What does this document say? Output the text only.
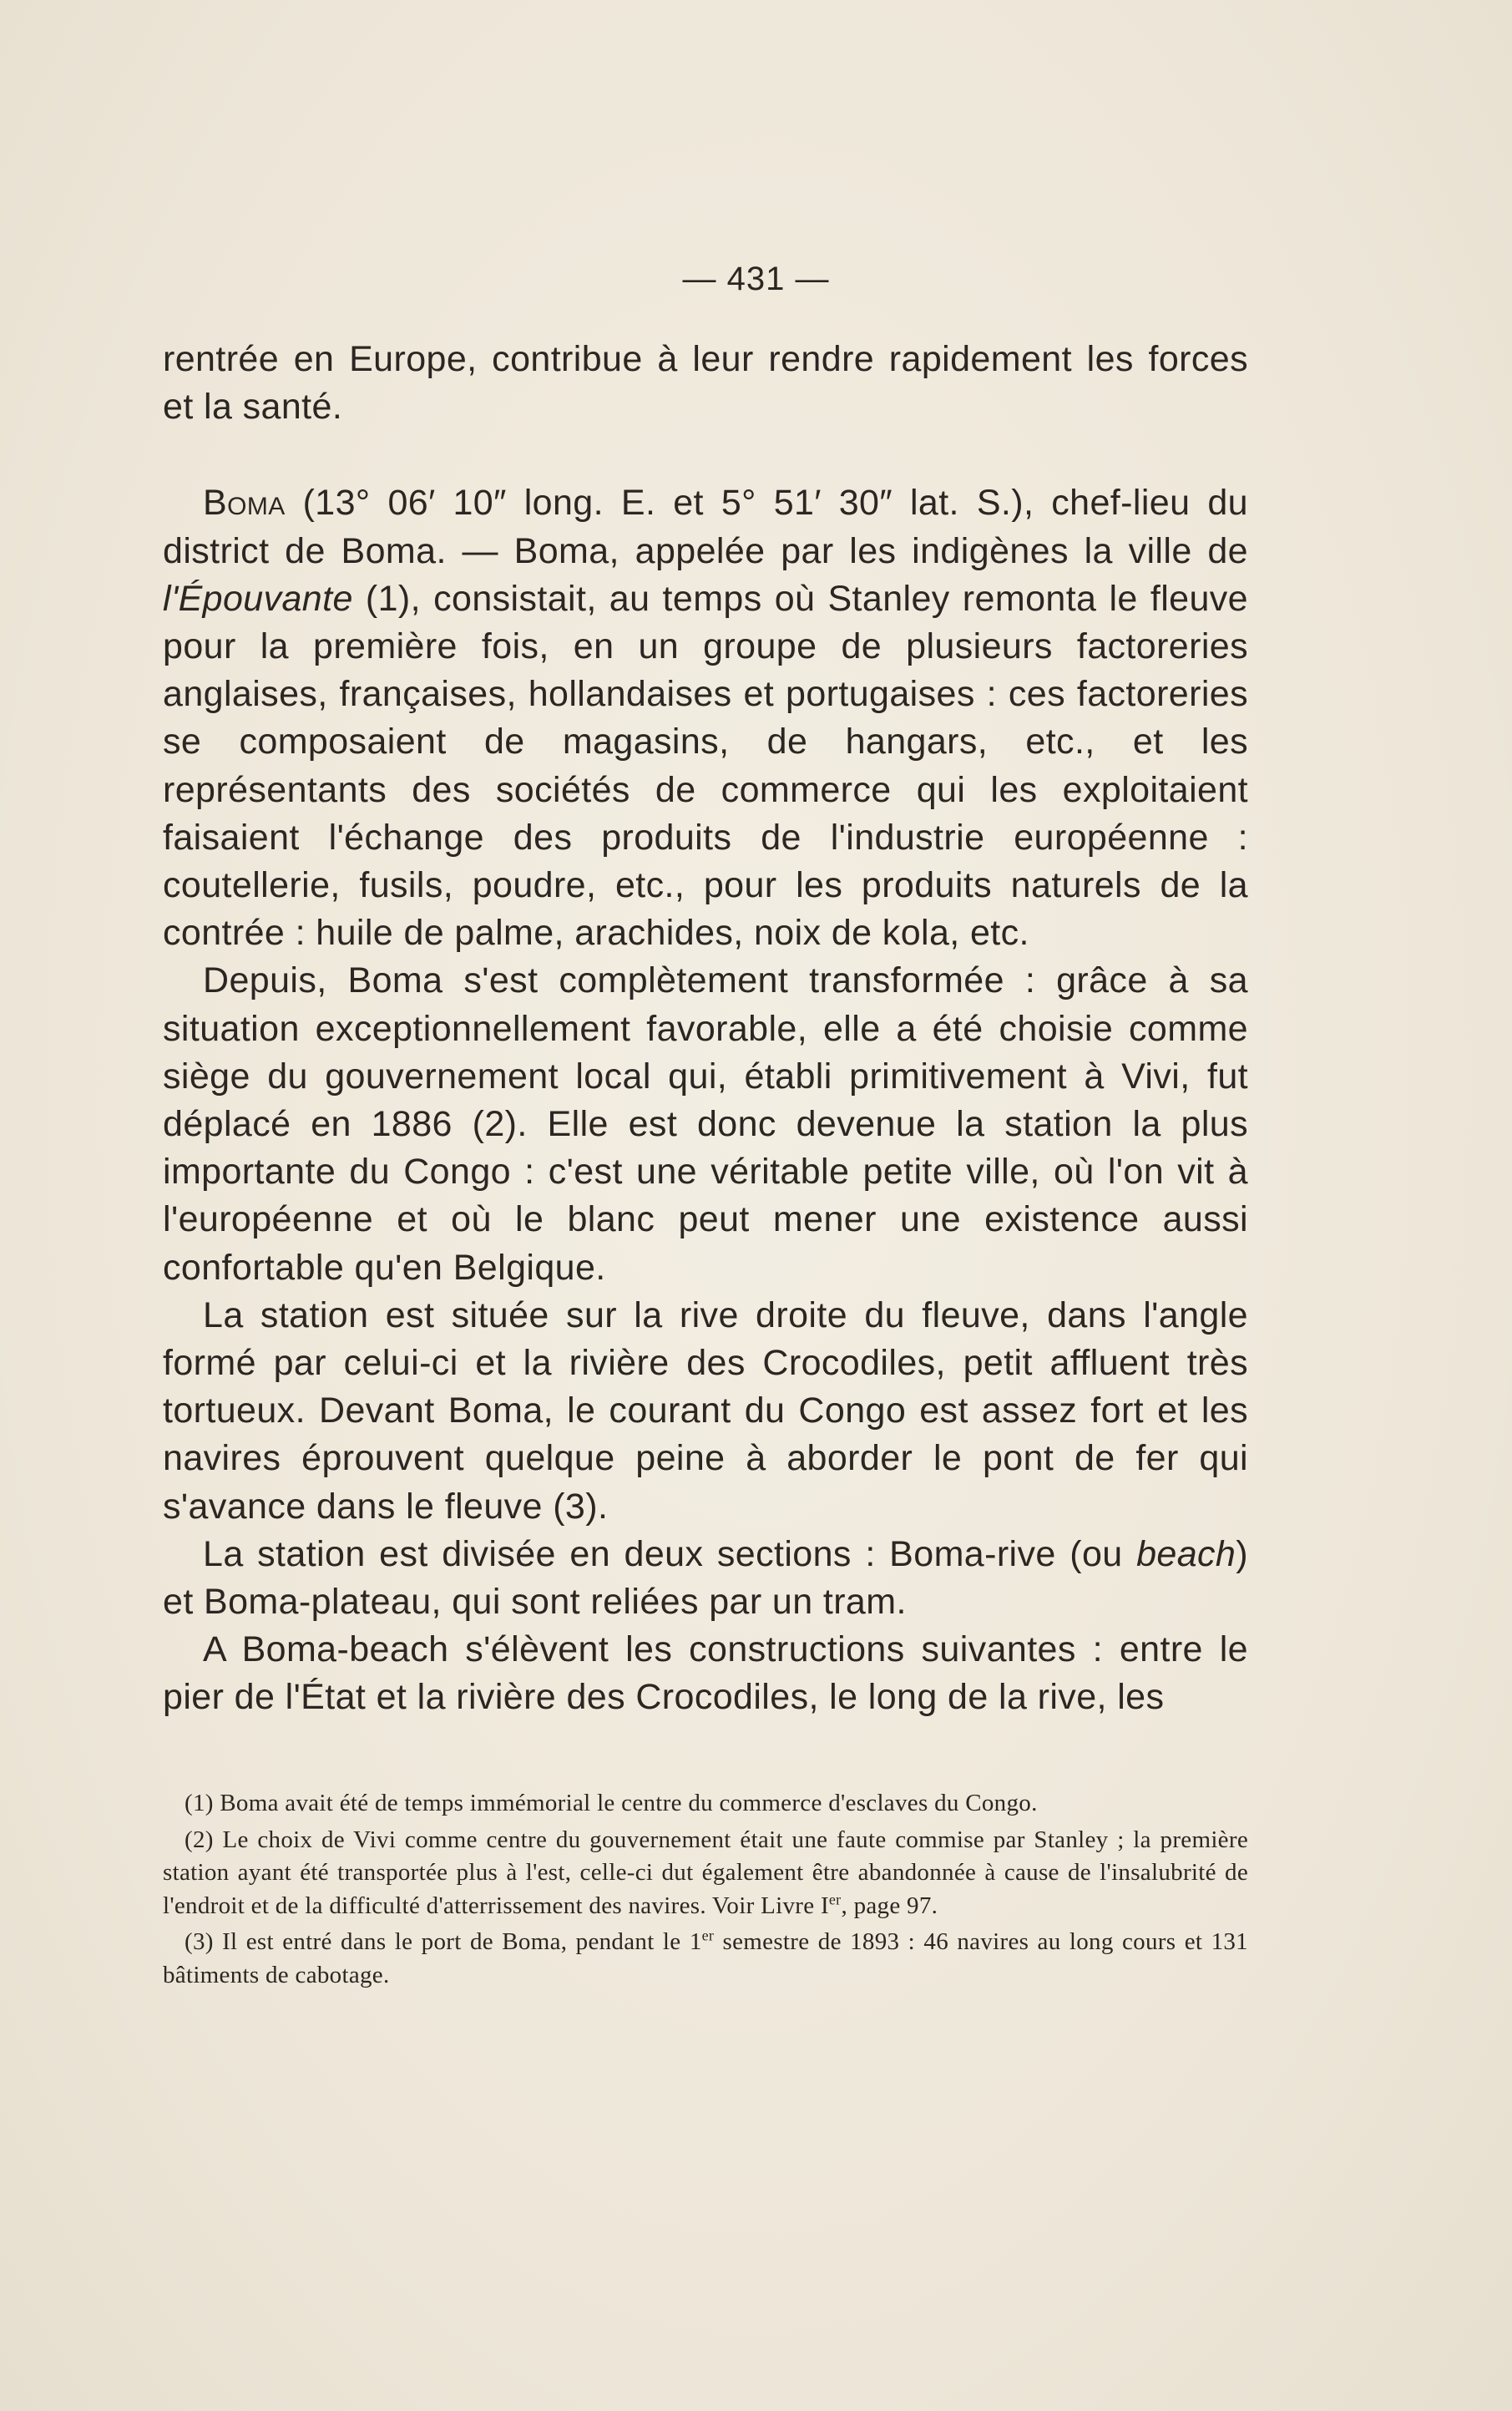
— 431 —

rentrée en Europe, contribue à leur rendre rapidement les forces et la santé.

Boma (13° 06′ 10″ long. E. et 5° 51′ 30″ lat. S.), chef-lieu du district de Boma. — Boma, appelée par les indigènes la ville de l'Épouvante (1), consistait, au temps où Stanley remonta le fleuve pour la première fois, en un groupe de plusieurs factoreries anglaises, françaises, hollandaises et portugaises : ces factoreries se composaient de magasins, de hangars, etc., et les représentants des sociétés de commerce qui les exploitaient faisaient l'échange des produits de l'industrie européenne : coutellerie, fusils, poudre, etc., pour les produits naturels de la contrée : huile de palme, arachides, noix de kola, etc.

Depuis, Boma s'est complètement transformée : grâce à sa situation exceptionnellement favorable, elle a été choisie comme siège du gouvernement local qui, établi primitivement à Vivi, fut déplacé en 1886 (2). Elle est donc devenue la station la plus importante du Congo : c'est une véritable petite ville, où l'on vit à l'européenne et où le blanc peut mener une existence aussi confortable qu'en Belgique.

La station est située sur la rive droite du fleuve, dans l'angle formé par celui-ci et la rivière des Crocodiles, petit affluent très tortueux. Devant Boma, le courant du Congo est assez fort et les navires éprouvent quelque peine à aborder le pont de fer qui s'avance dans le fleuve (3).

La station est divisée en deux sections : Boma-rive (ou beach) et Boma-plateau, qui sont reliées par un tram.

A Boma-beach s'élèvent les constructions suivantes : entre le pier de l'État et la rivière des Crocodiles, le long de la rive, les

(1) Boma avait été de temps immémorial le centre du commerce d'esclaves du Congo.

(2) Le choix de Vivi comme centre du gouvernement était une faute commise par Stanley ; la première station ayant été transportée plus à l'est, celle-ci dut également être abandonnée à cause de l'insalubrité de l'endroit et de la difficulté d'atterrissement des navires. Voir Livre Ier, page 97.

(3) Il est entré dans le port de Boma, pendant le 1er semestre de 1893 : 46 navires au long cours et 131 bâtiments de cabotage.
